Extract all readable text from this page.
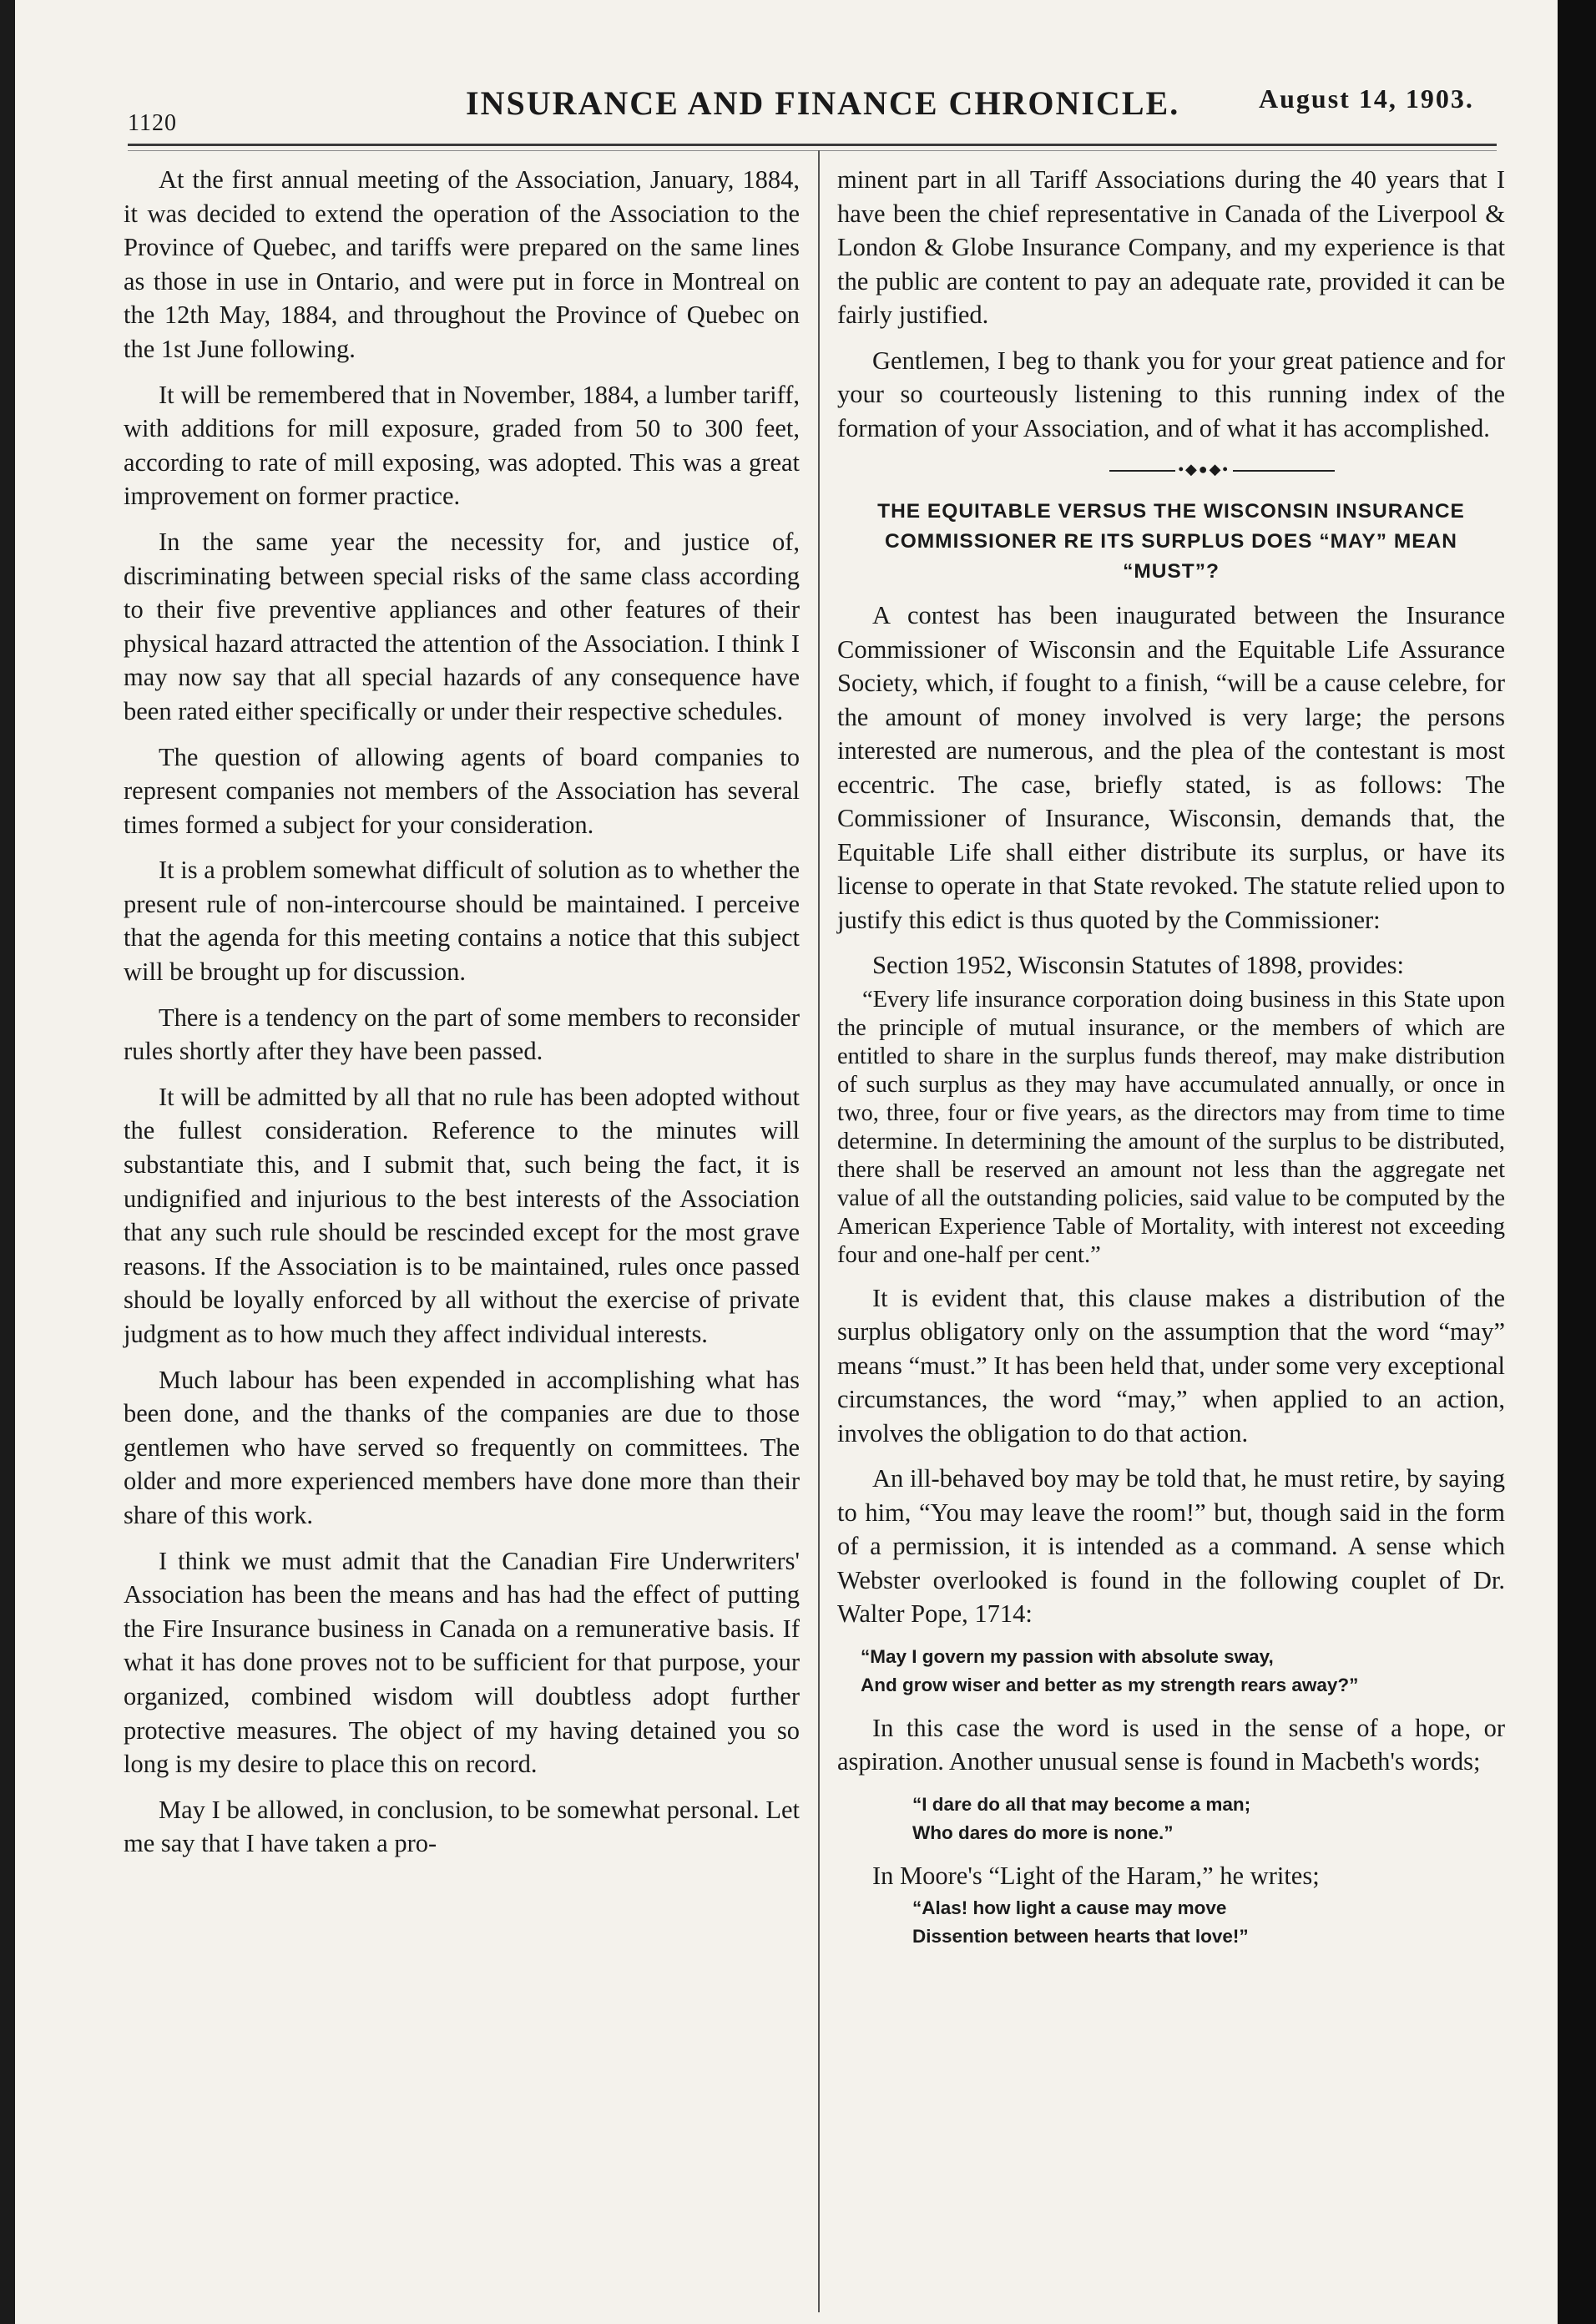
1120
INSURANCE AND FINANCE CHRONICLE.	August 14, 1903.

At the first annual meeting of the Association, January, 1884, it was decided to extend the operation of the Association to the Province of Quebec, and tariffs were prepared on the same lines as those in use in Ontario, and were put in force in Montreal on the 12th May, 1884, and throughout the Province of Quebec on the 1st June following.

It will be remembered that in November, 1884, a lumber tariff, with additions for mill exposure, graded from 50 to 300 feet, according to rate of mill exposing, was adopted. This was a great improvement on former practice.

In the same year the necessity for, and justice of, discriminating between special risks of the same class according to their five preventive appliances and other features of their physical hazard attracted the attention of the Association. I think I may now say that all special hazards of any consequence have been rated either specifically or under their respective schedules.

The question of allowing agents of board companies to represent companies not members of the Association has several times formed a subject for your consideration.

It is a problem somewhat difficult of solution as to whether the present rule of non-intercourse should be maintained. I perceive that the agenda for this meeting contains a notice that this subject will be brought up for discussion.

There is a tendency on the part of some members to reconsider rules shortly after they have been passed.

It will be admitted by all that no rule has been adopted without the fullest consideration. Reference to the minutes will substantiate this, and I submit that, such being the fact, it is undignified and injurious to the best interests of the Association that any such rule should be rescinded except for the most grave reasons. If the Association is to be maintained, rules once passed should be loyally enforced by all without the exercise of private judgment as to how much they affect individual interests.

Much labour has been expended in accomplishing what has been done, and the thanks of the companies are due to those gentlemen who have served so frequently on committees. The older and more experienced members have done more than their share of this work.

I think we must admit that the Canadian Fire Underwriters' Association has been the means and has had the effect of putting the Fire Insurance business in Canada on a remunerative basis. If what it has done proves not to be sufficient for that purpose, your organized, combined wisdom will doubtless adopt further protective measures. The object of my having detained you so long is my desire to place this on record.

May I be allowed, in conclusion, to be somewhat personal. Let me say that I have taken a pro-

minent part in all Tariff Associations during the 40 years that I have been the chief representative in Canada of the Liverpool & London & Globe Insurance Company, and my experience is that the public are content to pay an adequate rate, provided it can be fairly justified.

Gentlemen, I beg to thank you for your great patience and for your so courteously listening to this running index of the formation of your Association, and of what it has accomplished.

•◆●◆•
THE EQUITABLE VERSUS THE WISCONSIN INSURANCE COMMISSIONER RE ITS SURPLUS DOES “MAY” MEAN “MUST”?

A contest has been inaugurated between the Insurance Commissioner of Wisconsin and the Equitable Life Assurance Society, which, if fought to a finish, “will be a cause celebre, for the amount of money involved is very large; the persons interested are numerous, and the plea of the contestant is most eccentric. The case, briefly stated, is as follows: The Commissioner of Insurance, Wisconsin, demands that, the Equitable Life shall either distribute its surplus, or have its license to operate in that State revoked. The statute relied upon to justify this edict is thus quoted by the Commissioner:

Section 1952, Wisconsin Statutes of 1898, provides:

“Every life insurance corporation doing business in this State upon the principle of mutual insurance, or the members of which are entitled to share in the surplus funds thereof, may make distribution of such surplus as they may have accumulated annually, or once in two, three, four or five years, as the directors may from time to time determine. In determining the amount of the surplus to be distributed, there shall be reserved an amount not less than the aggregate net value of all the outstanding policies, said value to be computed by the American Experience Table of Mortality, with interest not exceeding four and one-half per cent.”

It is evident that, this clause makes a distribution of the surplus obligatory only on the assumption that the word “may” means “must.” It has been held that, under some very exceptional circumstances, the word “may,” when applied to an action, involves the obligation to do that action.

An ill-behaved boy may be told that, he must retire, by saying to him, “You may leave the room!” but, though said in the form of a permission, it is intended as a command. A sense which Webster overlooked is found in the following couplet of Dr. Walter Pope, 1714:

“May I govern my passion with absolute sway,
And grow wiser and better as my strength rears away?”

In this case the word is used in the sense of a hope, or aspiration. Another unusual sense is found in Macbeth's words;

“I dare do all that may become a man;
Who dares do more is none.”

In Moore's “Light of the Haram,” he writes;

“Alas! how light a cause may move
Dissention between hearts that love!”
